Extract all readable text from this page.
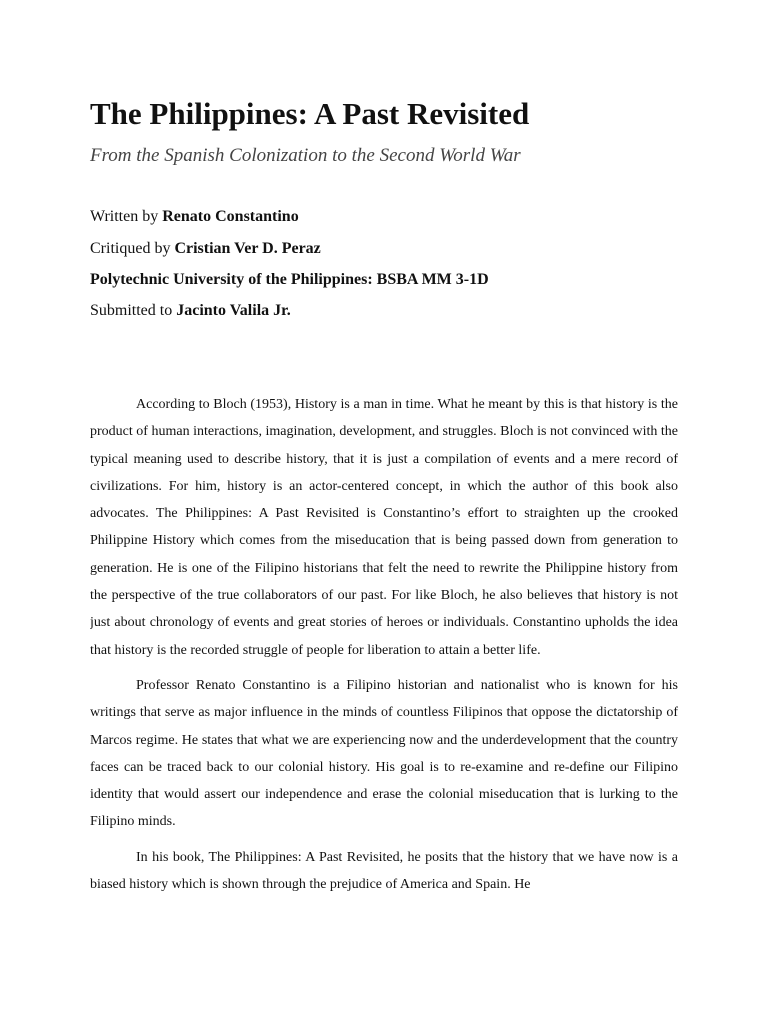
The Philippines: A Past Revisited

From the Spanish Colonization to the Second World War

Written by Renato Constantino

Critiqued by Cristian Ver D. Peraz

Polytechnic University of the Philippines: BSBA MM 3-1D

Submitted to Jacinto Valila Jr.

According to Bloch (1953), History is a man in time. What he meant by this is that history is the product of human interactions, imagination, development, and struggles. Bloch is not convinced with the typical meaning used to describe history, that it is just a compilation of events and a mere record of civilizations. For him, history is an actor-centered concept, in which the author of this book also advocates. The Philippines: A Past Revisited is Constantino’s effort to straighten up the crooked Philippine History which comes from the miseducation that is being passed down from generation to generation. He is one of the Filipino historians that felt the need to rewrite the Philippine history from the perspective of the true collaborators of our past. For like Bloch, he also believes that history is not just about chronology of events and great stories of heroes or individuals. Constantino upholds the idea that history is the recorded struggle of people for liberation to attain a better life.

Professor Renato Constantino is a Filipino historian and nationalist who is known for his writings that serve as major influence in the minds of countless Filipinos that oppose the dictatorship of Marcos regime. He states that what we are experiencing now and the underdevelopment that the country faces can be traced back to our colonial history. His goal is to re-examine and re-define our Filipino identity that would assert our independence and erase the colonial miseducation that is lurking to the Filipino minds.

In his book, The Philippines: A Past Revisited, he posits that the history that we have now is a biased history which is shown through the prejudice of America and Spain. He
